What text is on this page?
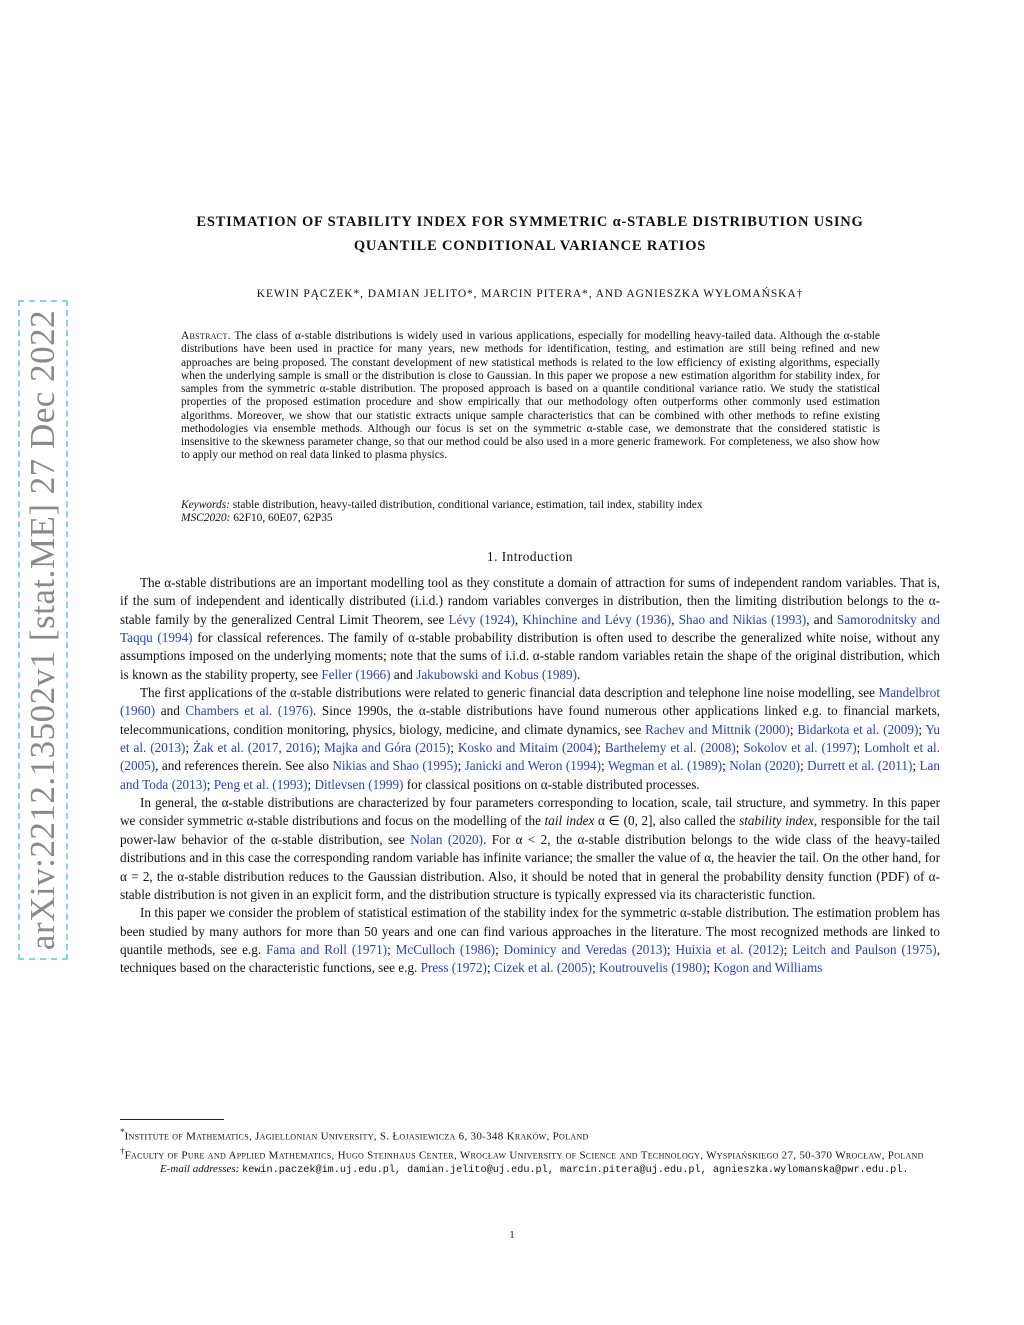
arXiv:2212.13502v1 [stat.ME] 27 Dec 2022
ESTIMATION OF STABILITY INDEX FOR SYMMETRIC α-STABLE DISTRIBUTION USING
QUANTILE CONDITIONAL VARIANCE RATIOS
KEWIN PĄCZEK*, DAMIAN JELITO*, MARCIN PITERA*, AND AGNIESZKA WYŁOMAŃSKA†
Abstract. The class of α-stable distributions is widely used in various applications, especially for modelling heavy-tailed data. Although the α-stable distributions have been used in practice for many years, new methods for identification, testing, and estimation are still being refined and new approaches are being proposed. The constant development of new statistical methods is related to the low efficiency of existing algorithms, especially when the underlying sample is small or the distribution is close to Gaussian. In this paper we propose a new estimation algorithm for stability index, for samples from the symmetric α-stable distribution. The proposed approach is based on a quantile conditional variance ratio. We study the statistical properties of the proposed estimation procedure and show empirically that our methodology often outperforms other commonly used estimation algorithms. Moreover, we show that our statistic extracts unique sample characteristics that can be combined with other methods to refine existing methodologies via ensemble methods. Although our focus is set on the symmetric α-stable case, we demonstrate that the considered statistic is insensitive to the skewness parameter change, so that our method could be also used in a more generic framework. For completeness, we also show how to apply our method on real data linked to plasma physics.
Keywords: stable distribution, heavy-tailed distribution, conditional variance, estimation, tail index, stability index
MSC2020: 62F10, 60E07, 62P35
1. Introduction

The α-stable distributions are an important modelling tool as they constitute a domain of attraction for sums of independent random variables. That is, if the sum of independent and identically distributed (i.i.d.) random variables converges in distribution, then the limiting distribution belongs to the α-stable family by the generalized Central Limit Theorem, see Lévy (1924), Khinchine and Lévy (1936), Shao and Nikias (1993), and Samorodnitsky and Taqqu (1994) for classical references. The family of α-stable probability distribution is often used to describe the generalized white noise, without any assumptions imposed on the underlying moments; note that the sums of i.i.d. α-stable random variables retain the shape of the original distribution, which is known as the stability property, see Feller (1966) and Jakubowski and Kobus (1989).

The first applications of the α-stable distributions were related to generic financial data description and telephone line noise modelling, see Mandelbrot (1960) and Chambers et al. (1976). Since 1990s, the α-stable distributions have found numerous other applications linked e.g. to financial markets, telecommunications, condition monitoring, physics, biology, medicine, and climate dynamics, see Rachev and Mittnik (2000); Bidarkota et al. (2009); Yu et al. (2013); Żak et al. (2017, 2016); Majka and Góra (2015); Kosko and Mitaim (2004); Barthelemy et al. (2008); Sokolov et al. (1997); Lomholt et al. (2005), and references therein. See also Nikias and Shao (1995); Janicki and Weron (1994); Wegman et al. (1989); Nolan (2020); Durrett et al. (2011); Lan and Toda (2013); Peng et al. (1993); Ditlevsen (1999) for classical positions on α-stable distributed processes.

In general, the α-stable distributions are characterized by four parameters corresponding to location, scale, tail structure, and symmetry. In this paper we consider symmetric α-stable distributions and focus on the modelling of the tail index α ∈ (0, 2], also called the stability index, responsible for the tail power-law behavior of the α-stable distribution, see Nolan (2020). For α < 2, the α-stable distribution belongs to the wide class of the heavy-tailed distributions and in this case the corresponding random variable has infinite variance; the smaller the value of α, the heavier the tail. On the other hand, for α = 2, the α-stable distribution reduces to the Gaussian distribution. Also, it should be noted that in general the probability density function (PDF) of α-stable distribution is not given in an explicit form, and the distribution structure is typically expressed via its characteristic function.

In this paper we consider the problem of statistical estimation of the stability index for the symmetric α-stable distribution. The estimation problem has been studied by many authors for more than 50 years and one can find various approaches in the literature. The most recognized methods are linked to quantile methods, see e.g. Fama and Roll (1971); McCulloch (1986); Dominicy and Veredas (2013); Huixia et al. (2012); Leitch and Paulson (1975), techniques based on the characteristic functions, see e.g. Press (1972); Cizek et al. (2005); Koutrouvelis (1980); Kogon and Williams

*Institute of Mathematics, Jagiellonian University, S. Łojasiewicza 6, 30-348 Kraków, Poland
†Faculty of Pure and Applied Mathematics, Hugo Steinhaus Center, Wrocław University of Science and Technology, Wyspiańskiego 27, 50-370 Wrocław, Poland
E-mail addresses: kewin.paczek@im.uj.edu.pl, damian.jelito@uj.edu.pl, marcin.pitera@uj.edu.pl, agnieszka.wylomanska@pwr.edu.pl.
1
